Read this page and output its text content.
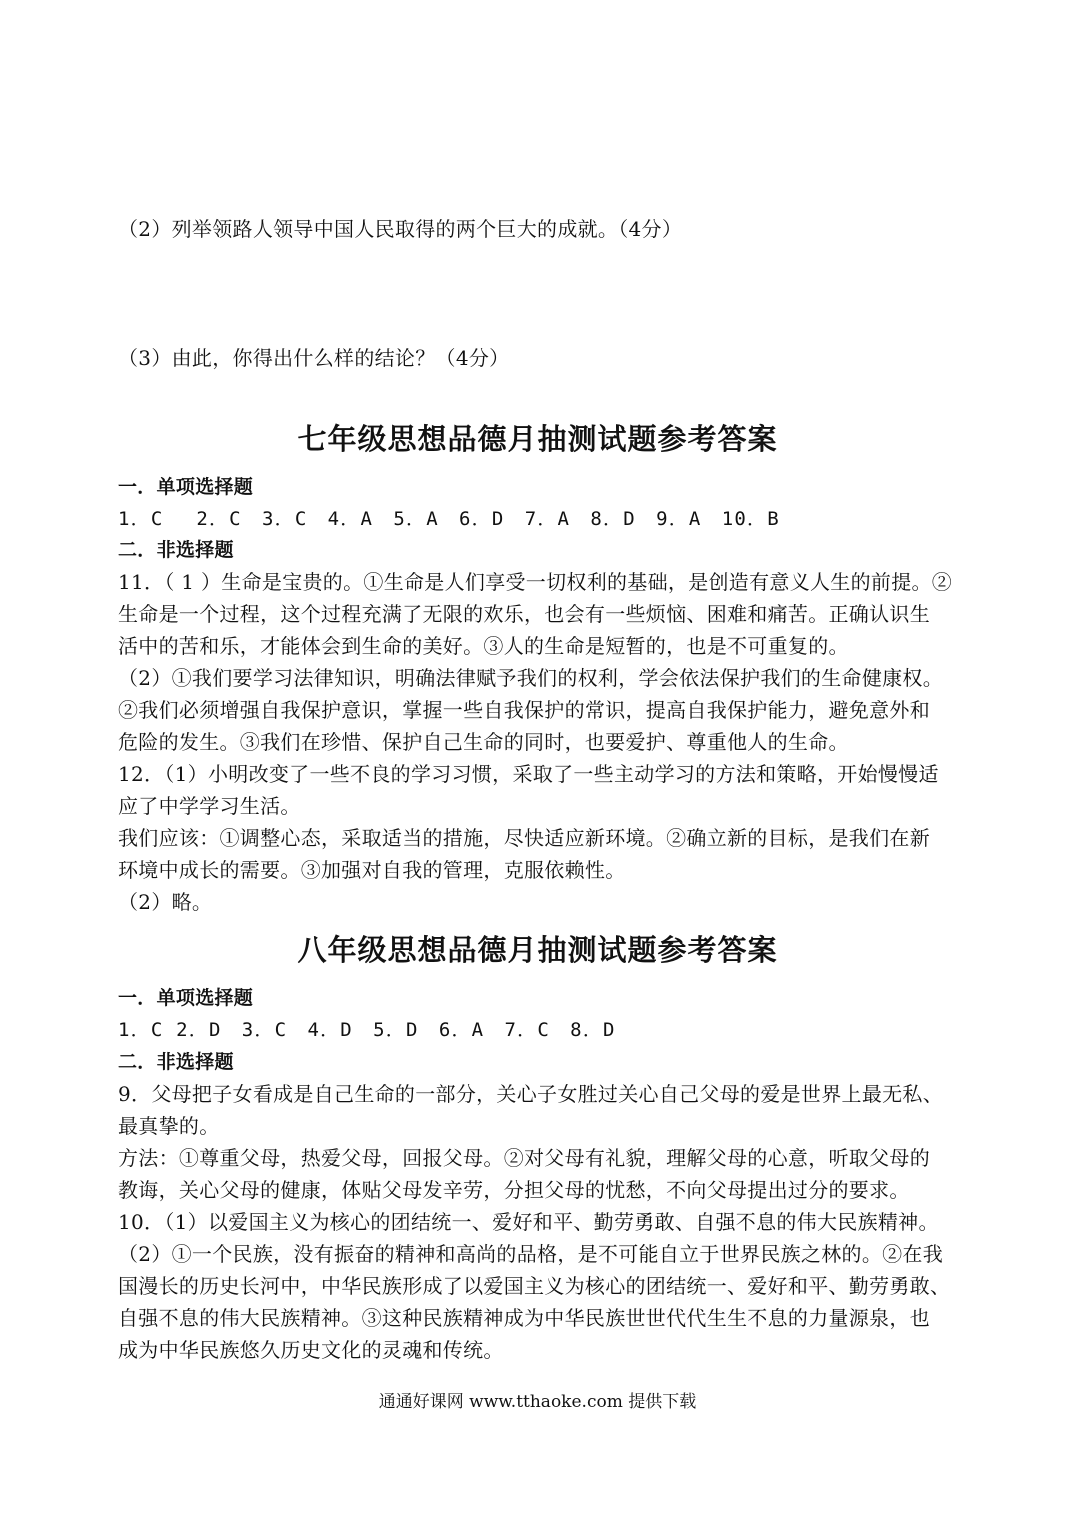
（2）列举领路人领导中国人民取得的两个巨大的成就。（4分）
（3）由此，你得出什么样的结论？（4分）
七年级思想品德月抽测试题参考答案
一．单项选择题
1．C　 2．C　3．C　4．A　5．A　6．D　7．A　8．D　9．A　10．B
二．非选择题
11．（ 1 ）生命是宝贵的。①生命是人们享受一切权利的基础，是创造有意义人生的前提。②
生命是一个过程，这个过程充满了无限的欢乐，也会有一些烦恼、困难和痛苦。正确认识生
活中的苦和乐，才能体会到生命的美好。③人的生命是短暂的，也是不可重复的。
（2）①我们要学习法律知识，明确法律赋予我们的权利，学会依法保护我们的生命健康权。
②我们必须增强自我保护意识，掌握一些自我保护的常识，提高自我保护能力，避免意外和
危险的发生。③我们在珍惜、保护自己生命的同时，也要爱护、尊重他人的生命。
12．（1）小明改变了一些不良的学习习惯，采取了一些主动学习的方法和策略，开始慢慢适
应了中学学习生活。
我们应该：①调整心态，采取适当的措施，尽快适应新环境。②确立新的目标，是我们在新
环境中成长的需要。③加强对自我的管理，克服依赖性。
（2）略。
八年级思想品德月抽测试题参考答案
一．单项选择题
1．C 2．D　3．C　4．D　5．D　6．A　7．C　8．D
二．非选择题
9．父母把子女看成是自己生命的一部分，关心子女胜过关心自己父母的爱是世界上最无私、
最真挚的。
方法：①尊重父母，热爱父母，回报父母。②对父母有礼貌，理解父母的心意，听取父母的
教诲，关心父母的健康，体贴父母发辛劳，分担父母的忧愁，不向父母提出过分的要求。
10．（1）以爱国主义为核心的团结统一、爱好和平、勤劳勇敢、自强不息的伟大民族精神。
（2）①一个民族，没有振奋的精神和高尚的品格，是不可能自立于世界民族之林的。②在我
国漫长的历史长河中，中华民族形成了以爱国主义为核心的团结统一、爱好和平、勤劳勇敢、
自强不息的伟大民族精神。③这种民族精神成为中华民族世世代代生生不息的力量源泉，也
成为中华民族悠久历史文化的灵魂和传统。
通通好课网 www.tthaoke.com 提供下载
